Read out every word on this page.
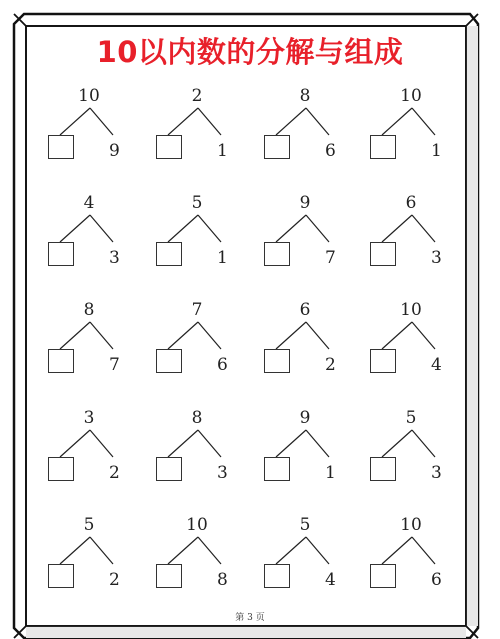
10以内数的分解与组成
10
9
2
1
8
6
10
1
4
3
5
1
9
7
6
3
8
7
7
6
6
2
10
4
3
2
8
3
9
1
5
3
5
2
10
8
5
4
10
6
第 3 页
